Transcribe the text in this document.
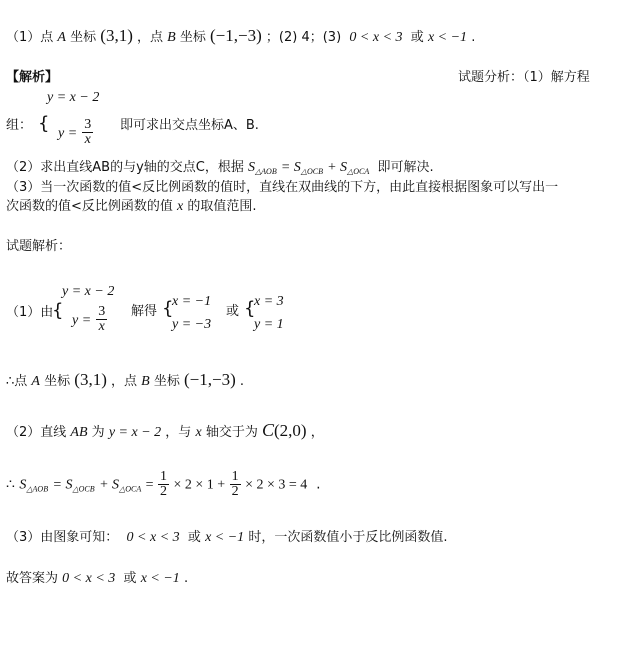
（1）点 A 坐标 (3,1) ，点 B 坐标 (−1,−3) ；(2) 4；(3) 0 < x < 3 或 x < −1 .
【解析】	试题分析：（1）解方程
y = x − 2
组： { $y = \frac{3}{x}$ 即可求出交点坐标A、B.
（2）求出直线AB的与y轴的交点C，根据 $S_{\triangle AOB} = S_{\triangle OCB} + S_{\triangle OCA}$ 即可解决.
（3）当一次函数的值<反比例函数的值时，直线在双曲线的下方，由此直接根据图象可以写出一
次函数的值<反比例函数的值 x 的取值范围.
试题解析：
y = x − 2
（1）由
{ $y = \frac{3}{x}$ 解得 {
x = −1
y = −3
或 {
x = 3
y = 1
∴点 A 坐标 (3,1) ，点 B 坐标 (−1,−3) .
（2）直线 AB 为 y = x − 2 ，与 x 轴交于为 C(2,0) ，
∴ $S_{\triangle AOB} = S_{\triangle OCB} + S_{\triangle OCA} = \frac{1}{2} \times 2 \times 1 + \frac{1}{2} \times 2 \times 3 = 4$ .
（3）由图象可知： 0 < x < 3 或 x < −1 时，一次函数值小于反比例函数值.
故答案为 0 < x < 3 或 x < −1 .
